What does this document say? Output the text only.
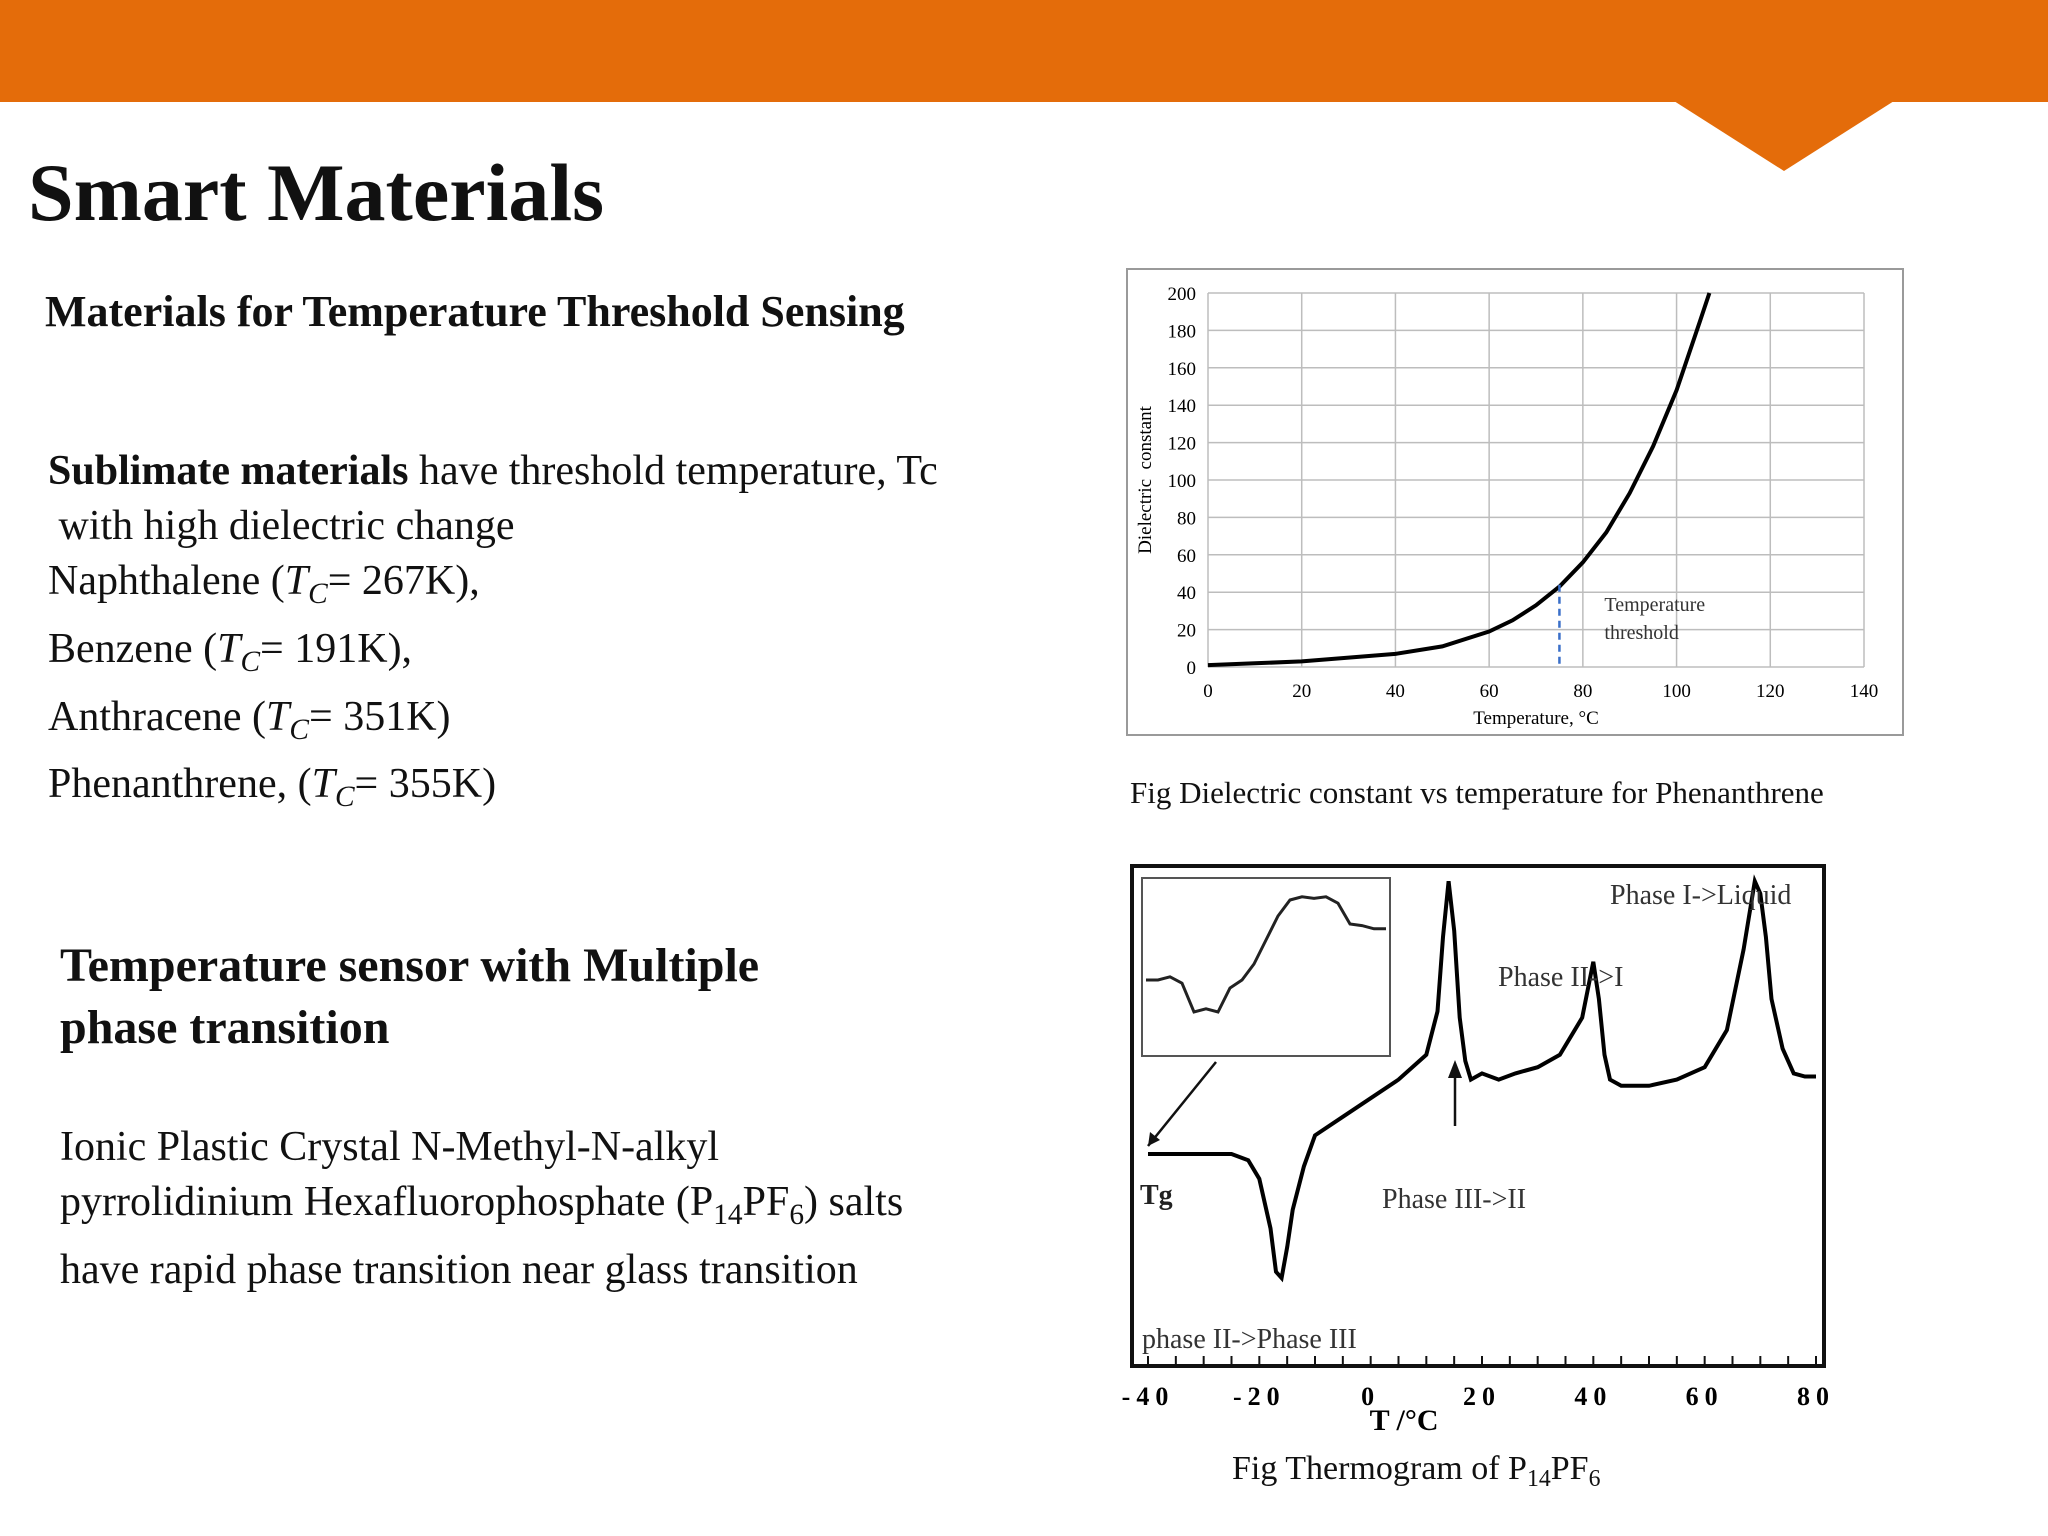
Smart Materials
Materials for Temperature Threshold Sensing
Sublimate materials have threshold temperature, Tc
with high dielectric change
Naphthalene $(T_C= 267K)$,
Benzene $(T_C= 191K)$,
Anthracene $(T_C= 351K)$
Phenanthrene, $(T_C= 355K)$
Temperature sensor with Multiple
phase transition
Ionic Plastic Crystal N-Methyl-N-alkyl
pyrrolidinium Hexafluorophosphate $(P_{14}PF_6)$ salts
have rapid phase transition near glass transition
0	20	40	60	80	100	120	140
0
20
40
60
80
100
120
140
160
180
200
Temperature
threshold
Temperature, °C
Dielectric  constant
Fig Dielectric constant vs temperature for Phenanthrene
-40 -20	0	20	40	60	80
Phase I->Liquid
Phase II->I
Tg	Phase III->II
phase II->Phase III
T /°C
Fig Thermogram of $P_{14}PF_6$
